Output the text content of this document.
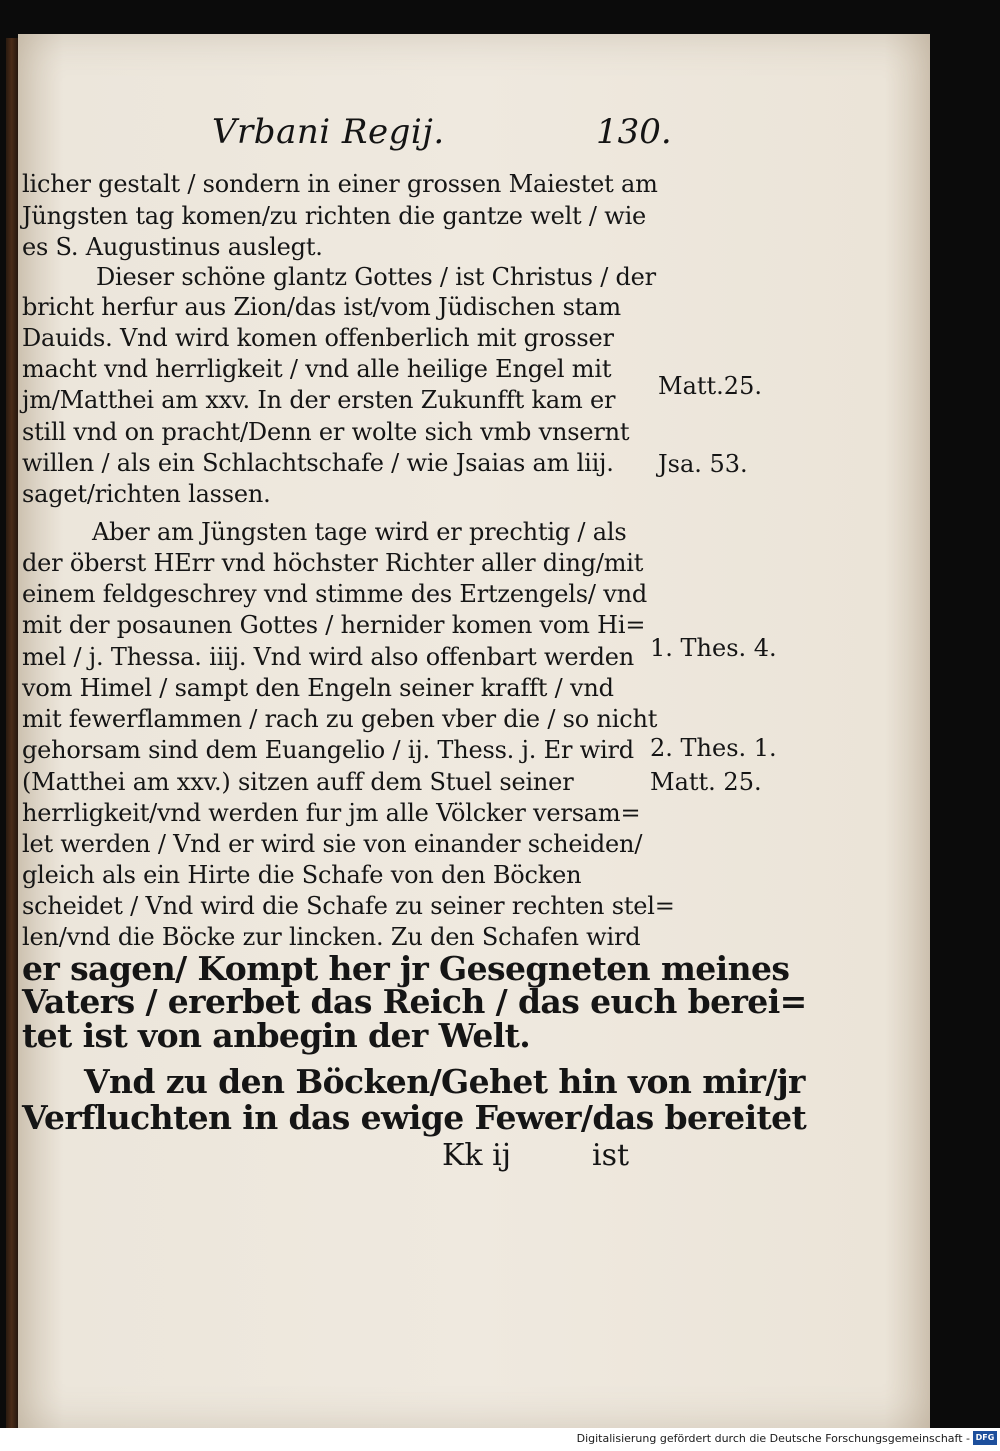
Vrbani Regij.	130.
licher gestalt / sondern in einer grossen Maiestet am
Jüngsten tag komen/zu richten die gantze welt / wie
es S. Augustinus auslegt.
Dieser schöne glantz Gottes / ist Christus / der
bricht herfur aus Zion/das ist/vom Jüdischen stam
Dauids. Vnd wird komen offenberlich mit grosser
macht vnd herrligkeit / vnd alle heilige Engel mit
jm/Matthei am xxv. In der ersten Zukunfft kam er
still vnd on pracht/Denn er wolte sich vmb vnsernt
willen / als ein Schlachtschafe / wie Jsaias am liij.
saget/richten lassen.
Aber am Jüngsten tage wird er prechtig / als
der öberst HErr vnd höchster Richter aller ding/mit
einem feldgeschrey vnd stimme des Ertzengels/ vnd
mit der posaunen Gottes / hernider komen vom Hi=
mel / j. Thessa. iiij. Vnd wird also offenbart werden
vom Himel / sampt den Engeln seiner krafft / vnd
mit fewerflammen / rach zu geben vber die / so nicht
gehorsam sind dem Euangelio / ij. Thess. j. Er wird
(Matthei am xxv.) sitzen auff dem Stuel seiner
herrligkeit/vnd werden fur jm alle Völcker versam=
let werden / Vnd er wird sie von einander scheiden/
gleich als ein Hirte die Schafe von den Böcken
scheidet / Vnd wird die Schafe zu seiner rechten stel=
len/vnd die Böcke zur lincken. Zu den Schafen wird
er sagen/ Kompt her jr Gesegneten meines
Vaters / ererbet das Reich / das euch berei=
tet ist von anbegin der Welt.
Vnd zu den Böcken/Gehet hin von mir/jr
Verfluchten in das ewige Fewer/das bereitet
Matt.25.
Jsa. 53.
1. Thes. 4.
2. Thes. 1.
Matt. 25.
Kk ij	ist
Digitalisierung gefördert durch die Deutsche Forschungsgemeinschaft - DFG
